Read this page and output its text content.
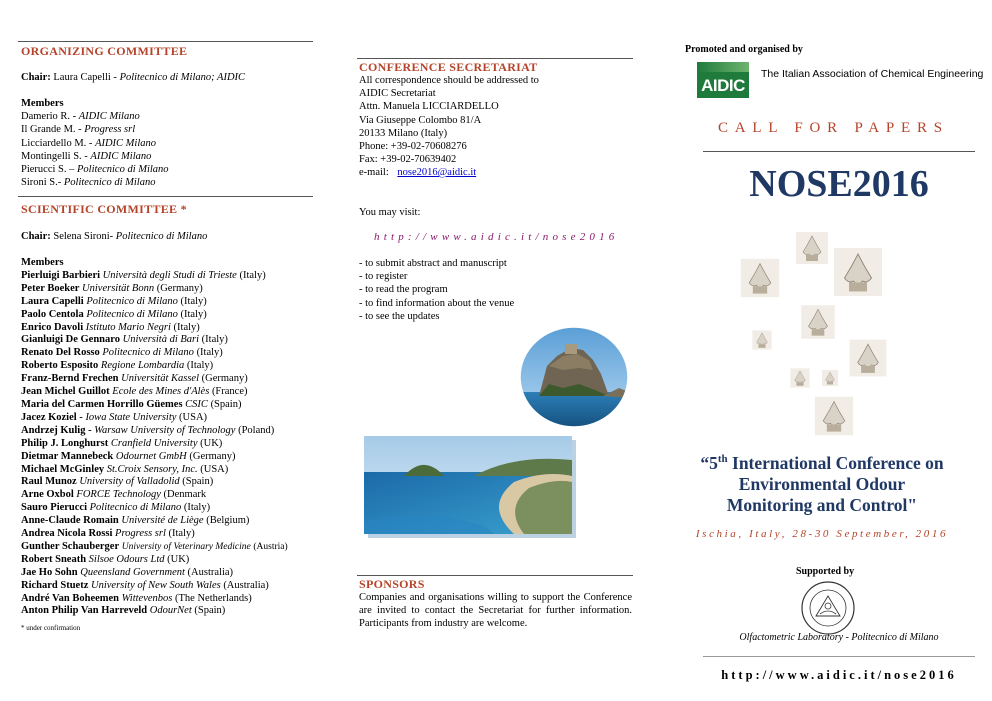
ORGANIZING COMMITTEE
Chair: Laura Capelli - Politecnico di Milano; AIDIC
Members
Damerio R. - AIDIC Milano
Il Grande M. - Progress srl
Licciardello M. - AIDIC Milano
Montingelli S. - AIDIC Milano
Pierucci S. – Politecnico di Milano
Sironi S.- Politecnico di Milano
SCIENTIFIC COMMITTEE *
Chair: Selena Sironi- Politecnico di Milano
Members
Pierluigi Barbieri Università degli Studi di Trieste (Italy)
Peter Boeker Universität Bonn (Germany)
Laura Capelli Politecnico di Milano (Italy)
Paolo Centola Politecnico di Milano (Italy)
Enrico Davoli Istituto Mario Negri (Italy)
Gianluigi De Gennaro Università di Bari (Italy)
Renato Del Rosso Politecnico di Milano (Italy)
Roberto Esposito Regione Lombardia (Italy)
Franz-Bernd Frechen Universität Kassel (Germany)
Jean Michel Guillot Ecole des Mines d'Alès (France)
Maria del Carmen Horrillo Güemes CSIC (Spain)
Jacez Koziel - Iowa State University (USA)
Andrzej Kulig - Warsaw University of Technology (Poland)
Philip J. Longhurst Cranfield University (UK)
Dietmar Mannebeck Odournet GmbH (Germany)
Michael McGinley St.Croix Sensory, Inc. (USA)
Raul Munoz University of Valladolid (Spain)
Arne Oxbol FORCE Technology (Denmark
Sauro Pierucci Politecnico di Milano (Italy)
Anne-Claude Romain Université de Liège (Belgium)
Andrea Nicola Rossi Progress srl (Italy)
Gunther Schauberger University of Veterinary Medicine (Austria)
Robert Sneath Silsoe Odours Ltd (UK)
Jae Ho Sohn Queensland Government (Australia)
Richard Stuetz University of New South Wales (Australia)
André Van Boheemen Wittevenbos (The Netherlands)
Anton Philip Van Harreveld OdourNet (Spain)
* under confirmation
CONFERENCE SECRETARIAT
All correspondence should be addressed to
AIDIC Secretariat
Attn. Manuela LICCIARDELLO
Via Giuseppe Colombo 81/A
20133 Milano (Italy)
Phone: +39-02-70608276
Fax: +39-02-70639402
e-mail: nose2016@aidic.it
You may visit:
http://www.aidic.it/nose2016
- to submit abstract and manuscript
- to register
- to read the program
- to find information about the venue
- to see the updates
SPONSORS
Companies and organisations willing to support the Conference are invited to contact the Secretariat for further information. Participants from industry are welcome.
Promoted and organised by
AIDIC
The Italian Association of Chemical Engineering
CALL FOR PAPERS
NOSE2016
“5th International Conference on
Environmental Odour
Monitoring and Control"
Ischia, Italy, 28-30 September, 2016
Supported by
Olfactometric Laboratory - Politecnico di Milano
http://www.aidic.it/nose2016
